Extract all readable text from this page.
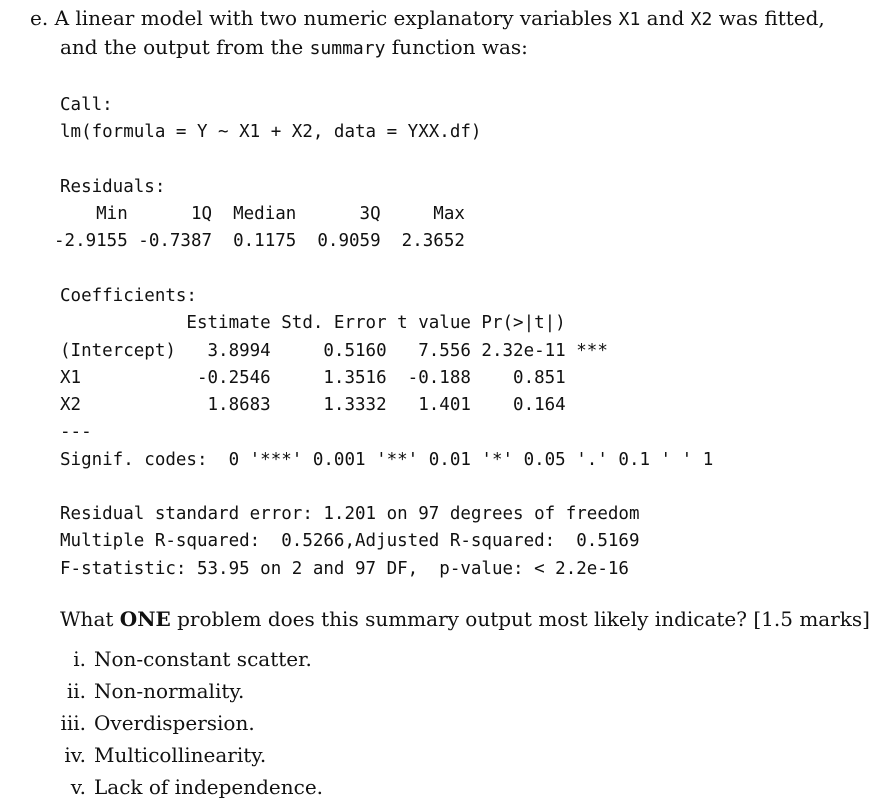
e. A linear model with two numeric explanatory variables X1 and X2 was fitted,
and the output from the summary function was:
Call:
lm(formula = Y ~ X1 + X2, data = YXX.df)
Residuals:
Min      1Q  Median      3Q     Max
-2.9155 -0.7387  0.1175  0.9059  2.3652
Coefficients:
Estimate Std. Error t value Pr(>|t|)
(Intercept)   3.8994     0.5160   7.556 2.32e-11 ***
X1           -0.2546     1.3516  -0.188    0.851
X2            1.8683     1.3332   1.401    0.164
---
Signif. codes:  0 '***' 0.001 '**' 0.01 '*' 0.05 '.' 0.1 ' ' 1
Residual standard error: 1.201 on 97 degrees of freedom
Multiple R-squared:  0.5266,Adjusted R-squared:  0.5169
F-statistic: 53.95 on 2 and 97 DF,  p-value: < 2.2e-16
What ONE problem does this summary output most likely indicate? [1.5 marks]
i. Non-constant scatter.
ii. Non-normality.
iii. Overdispersion.
iv. Multicollinearity.
v. Lack of independence.
